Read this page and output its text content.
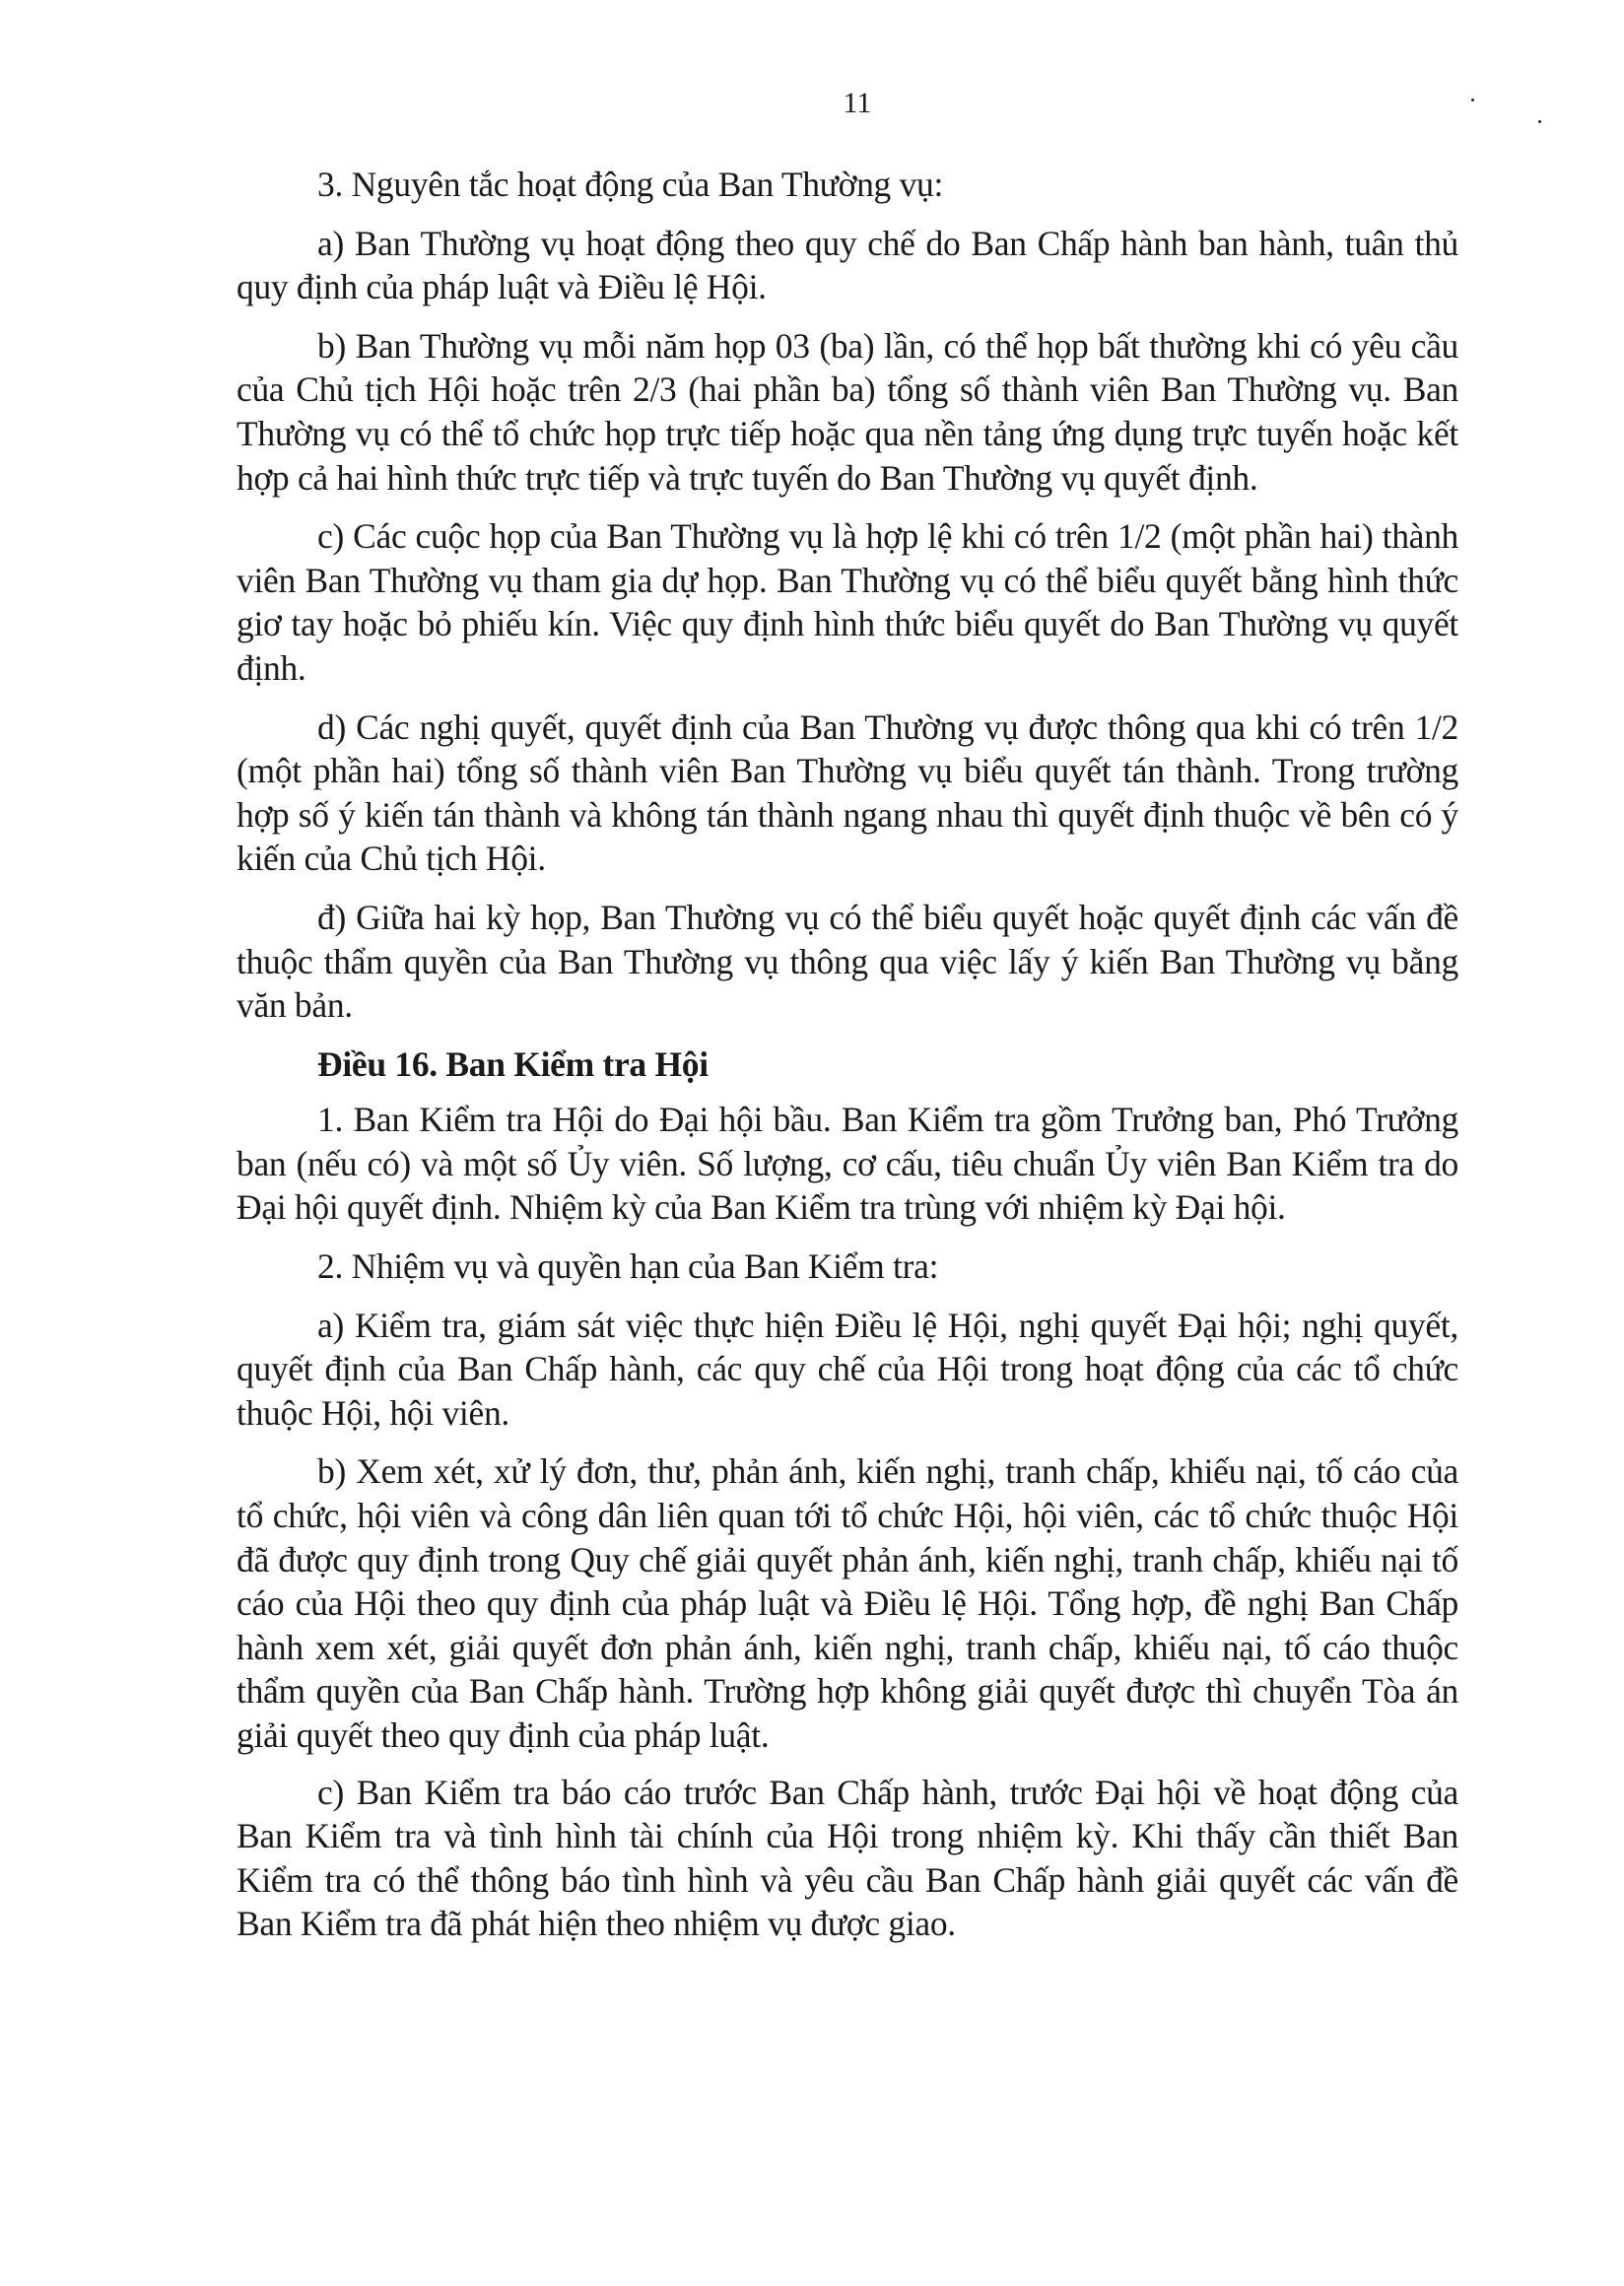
11

3. Nguyên tắc hoạt động của Ban Thường vụ:

a) Ban Thường vụ hoạt động theo quy chế do Ban Chấp hành ban hành, tuân thủ quy định của pháp luật và Điều lệ Hội.

b) Ban Thường vụ mỗi năm họp 03 (ba) lần, có thể họp bất thường khi có yêu cầu của Chủ tịch Hội hoặc trên 2/3 (hai phần ba) tổng số thành viên Ban Thường vụ. Ban Thường vụ có thể tổ chức họp trực tiếp hoặc qua nền tảng ứng dụng trực tuyến hoặc kết hợp cả hai hình thức trực tiếp và trực tuyến do Ban Thường vụ quyết định.

c) Các cuộc họp của Ban Thường vụ là hợp lệ khi có trên 1/2 (một phần hai) thành viên Ban Thường vụ tham gia dự họp. Ban Thường vụ có thể biểu quyết bằng hình thức giơ tay hoặc bỏ phiếu kín. Việc quy định hình thức biểu quyết do Ban Thường vụ quyết định.

d) Các nghị quyết, quyết định của Ban Thường vụ được thông qua khi có trên 1/2 (một phần hai) tổng số thành viên Ban Thường vụ biểu quyết tán thành. Trong trường hợp số ý kiến tán thành và không tán thành ngang nhau thì quyết định thuộc về bên có ý kiến của Chủ tịch Hội.

đ) Giữa hai kỳ họp, Ban Thường vụ có thể biểu quyết hoặc quyết định các vấn đề thuộc thẩm quyền của Ban Thường vụ thông qua việc lấy ý kiến Ban Thường vụ bằng văn bản.

Điều 16. Ban Kiểm tra Hội

1. Ban Kiểm tra Hội do Đại hội bầu. Ban Kiểm tra gồm Trưởng ban, Phó Trưởng ban (nếu có) và một số Ủy viên. Số lượng, cơ cấu, tiêu chuẩn Ủy viên Ban Kiểm tra do Đại hội quyết định. Nhiệm kỳ của Ban Kiểm tra trùng với nhiệm kỳ Đại hội.

2. Nhiệm vụ và quyền hạn của Ban Kiểm tra:

a) Kiểm tra, giám sát việc thực hiện Điều lệ Hội, nghị quyết Đại hội; nghị quyết, quyết định của Ban Chấp hành, các quy chế của Hội trong hoạt động của các tổ chức thuộc Hội, hội viên.

b) Xem xét, xử lý đơn, thư, phản ánh, kiến nghị, tranh chấp, khiếu nại, tố cáo của tổ chức, hội viên và công dân liên quan tới tổ chức Hội, hội viên, các tổ chức thuộc Hội đã được quy định trong Quy chế giải quyết phản ánh, kiến nghị, tranh chấp, khiếu nại tố cáo của Hội theo quy định của pháp luật và Điều lệ Hội. Tổng hợp, đề nghị Ban Chấp hành xem xét, giải quyết đơn phản ánh, kiến nghị, tranh chấp, khiếu nại, tố cáo thuộc thẩm quyền của Ban Chấp hành. Trường hợp không giải quyết được thì chuyển Tòa án giải quyết theo quy định của pháp luật.

c) Ban Kiểm tra báo cáo trước Ban Chấp hành, trước Đại hội về hoạt động của Ban Kiểm tra và tình hình tài chính của Hội trong nhiệm kỳ. Khi thấy cần thiết Ban Kiểm tra có thể thông báo tình hình và yêu cầu Ban Chấp hành giải quyết các vấn đề Ban Kiểm tra đã phát hiện theo nhiệm vụ được giao.
